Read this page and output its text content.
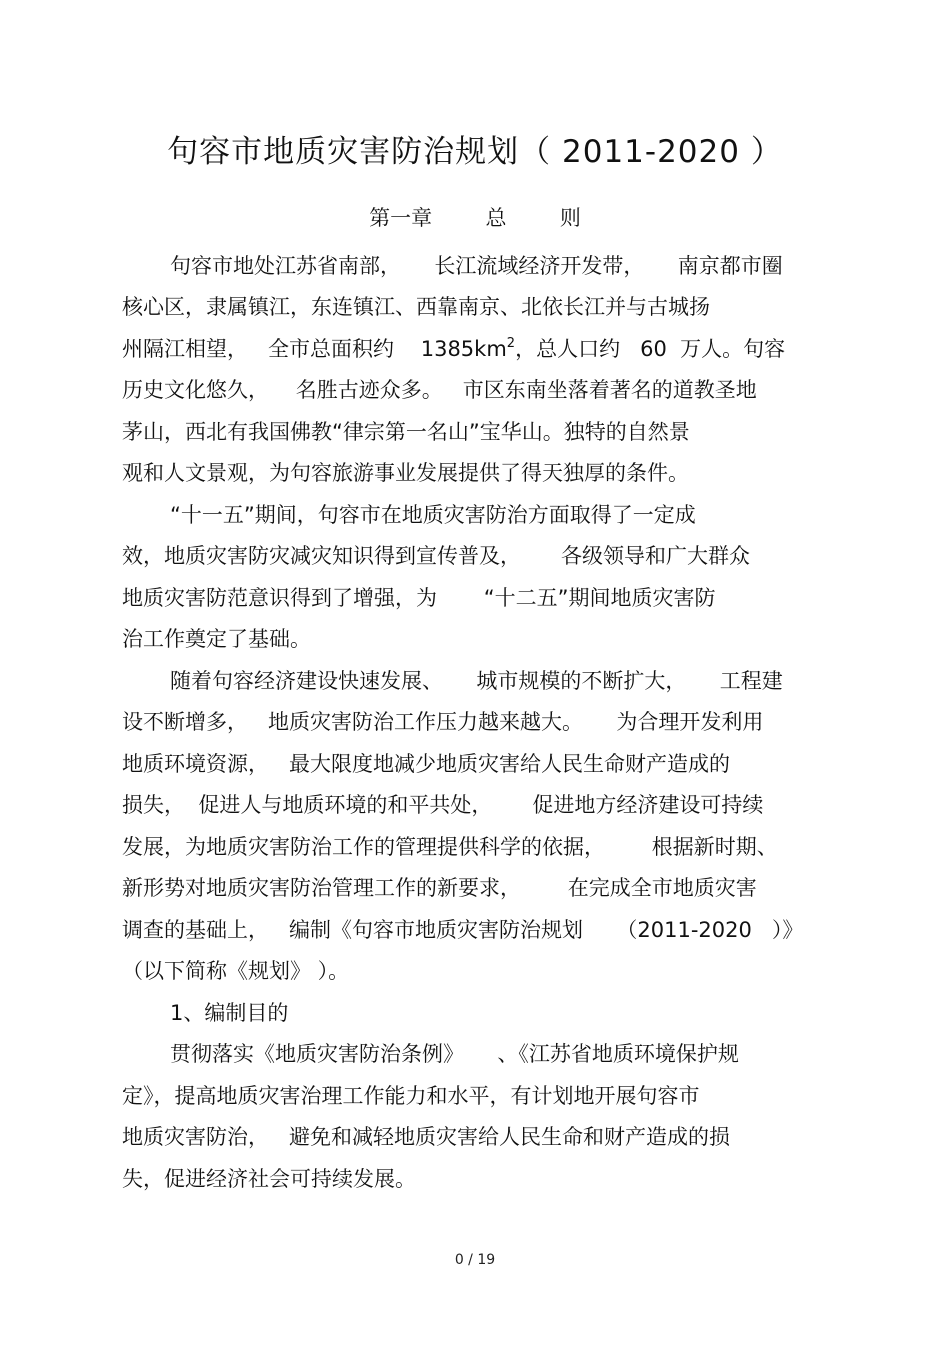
句容市地质灾害防治规划（ 2011-2020 ）
第一章  总  则
句容市地处江苏省南部，     长江流域经济开发带，     南京都市圈
核心区，隶属镇江，东连镇江、西靠南京、北依长江并与古城扬
州隔江相望，   全市总面积约    $1385km^2$，总人口约   60  万人。句容
历史文化悠久，    名胜古迹众多。   市区东南坐落着著名的道教圣地
茅山，西北有我国佛教“律宗第一名山”宝华山。独特的自然景
观和人文景观，为句容旅游事业发展提供了得天独厚的条件。
“十一五”期间，句容市在地质灾害防治方面取得了一定成
效，地质灾害防灾减灾知识得到宣传普及，      各级领导和广大群众
地质灾害防范意识得到了增强，为       “十二五”期间地质灾害防
治工作奠定了基础。
随着句容经济建设快速发展、     城市规模的不断扩大，     工程建
设不断增多，   地质灾害防治工作压力越来越大。     为合理开发利用
地质环境资源，   最大限度地减少地质灾害给人民生命财产造成的
损失，  促进人与地质环境的和平共处，      促进地方经济建设可持续
发展，为地质灾害防治工作的管理提供科学的依据，       根据新时期、
新形势对地质灾害防治管理工作的新要求，       在完成全市地质灾害
调查的基础上，   编制《句容市地质灾害防治规划     （2011-2020   ）》
（以下简称《规划》 ）。
1、编制目的
贯彻落实《地质灾害防治条例》     、《江苏省地质环境保护规
定》，提高地质灾害治理工作能力和水平，有计划地开展句容市
地质灾害防治，   避免和减轻地质灾害给人民生命和财产造成的损
失，促进经济社会可持续发展。
0 / 19
